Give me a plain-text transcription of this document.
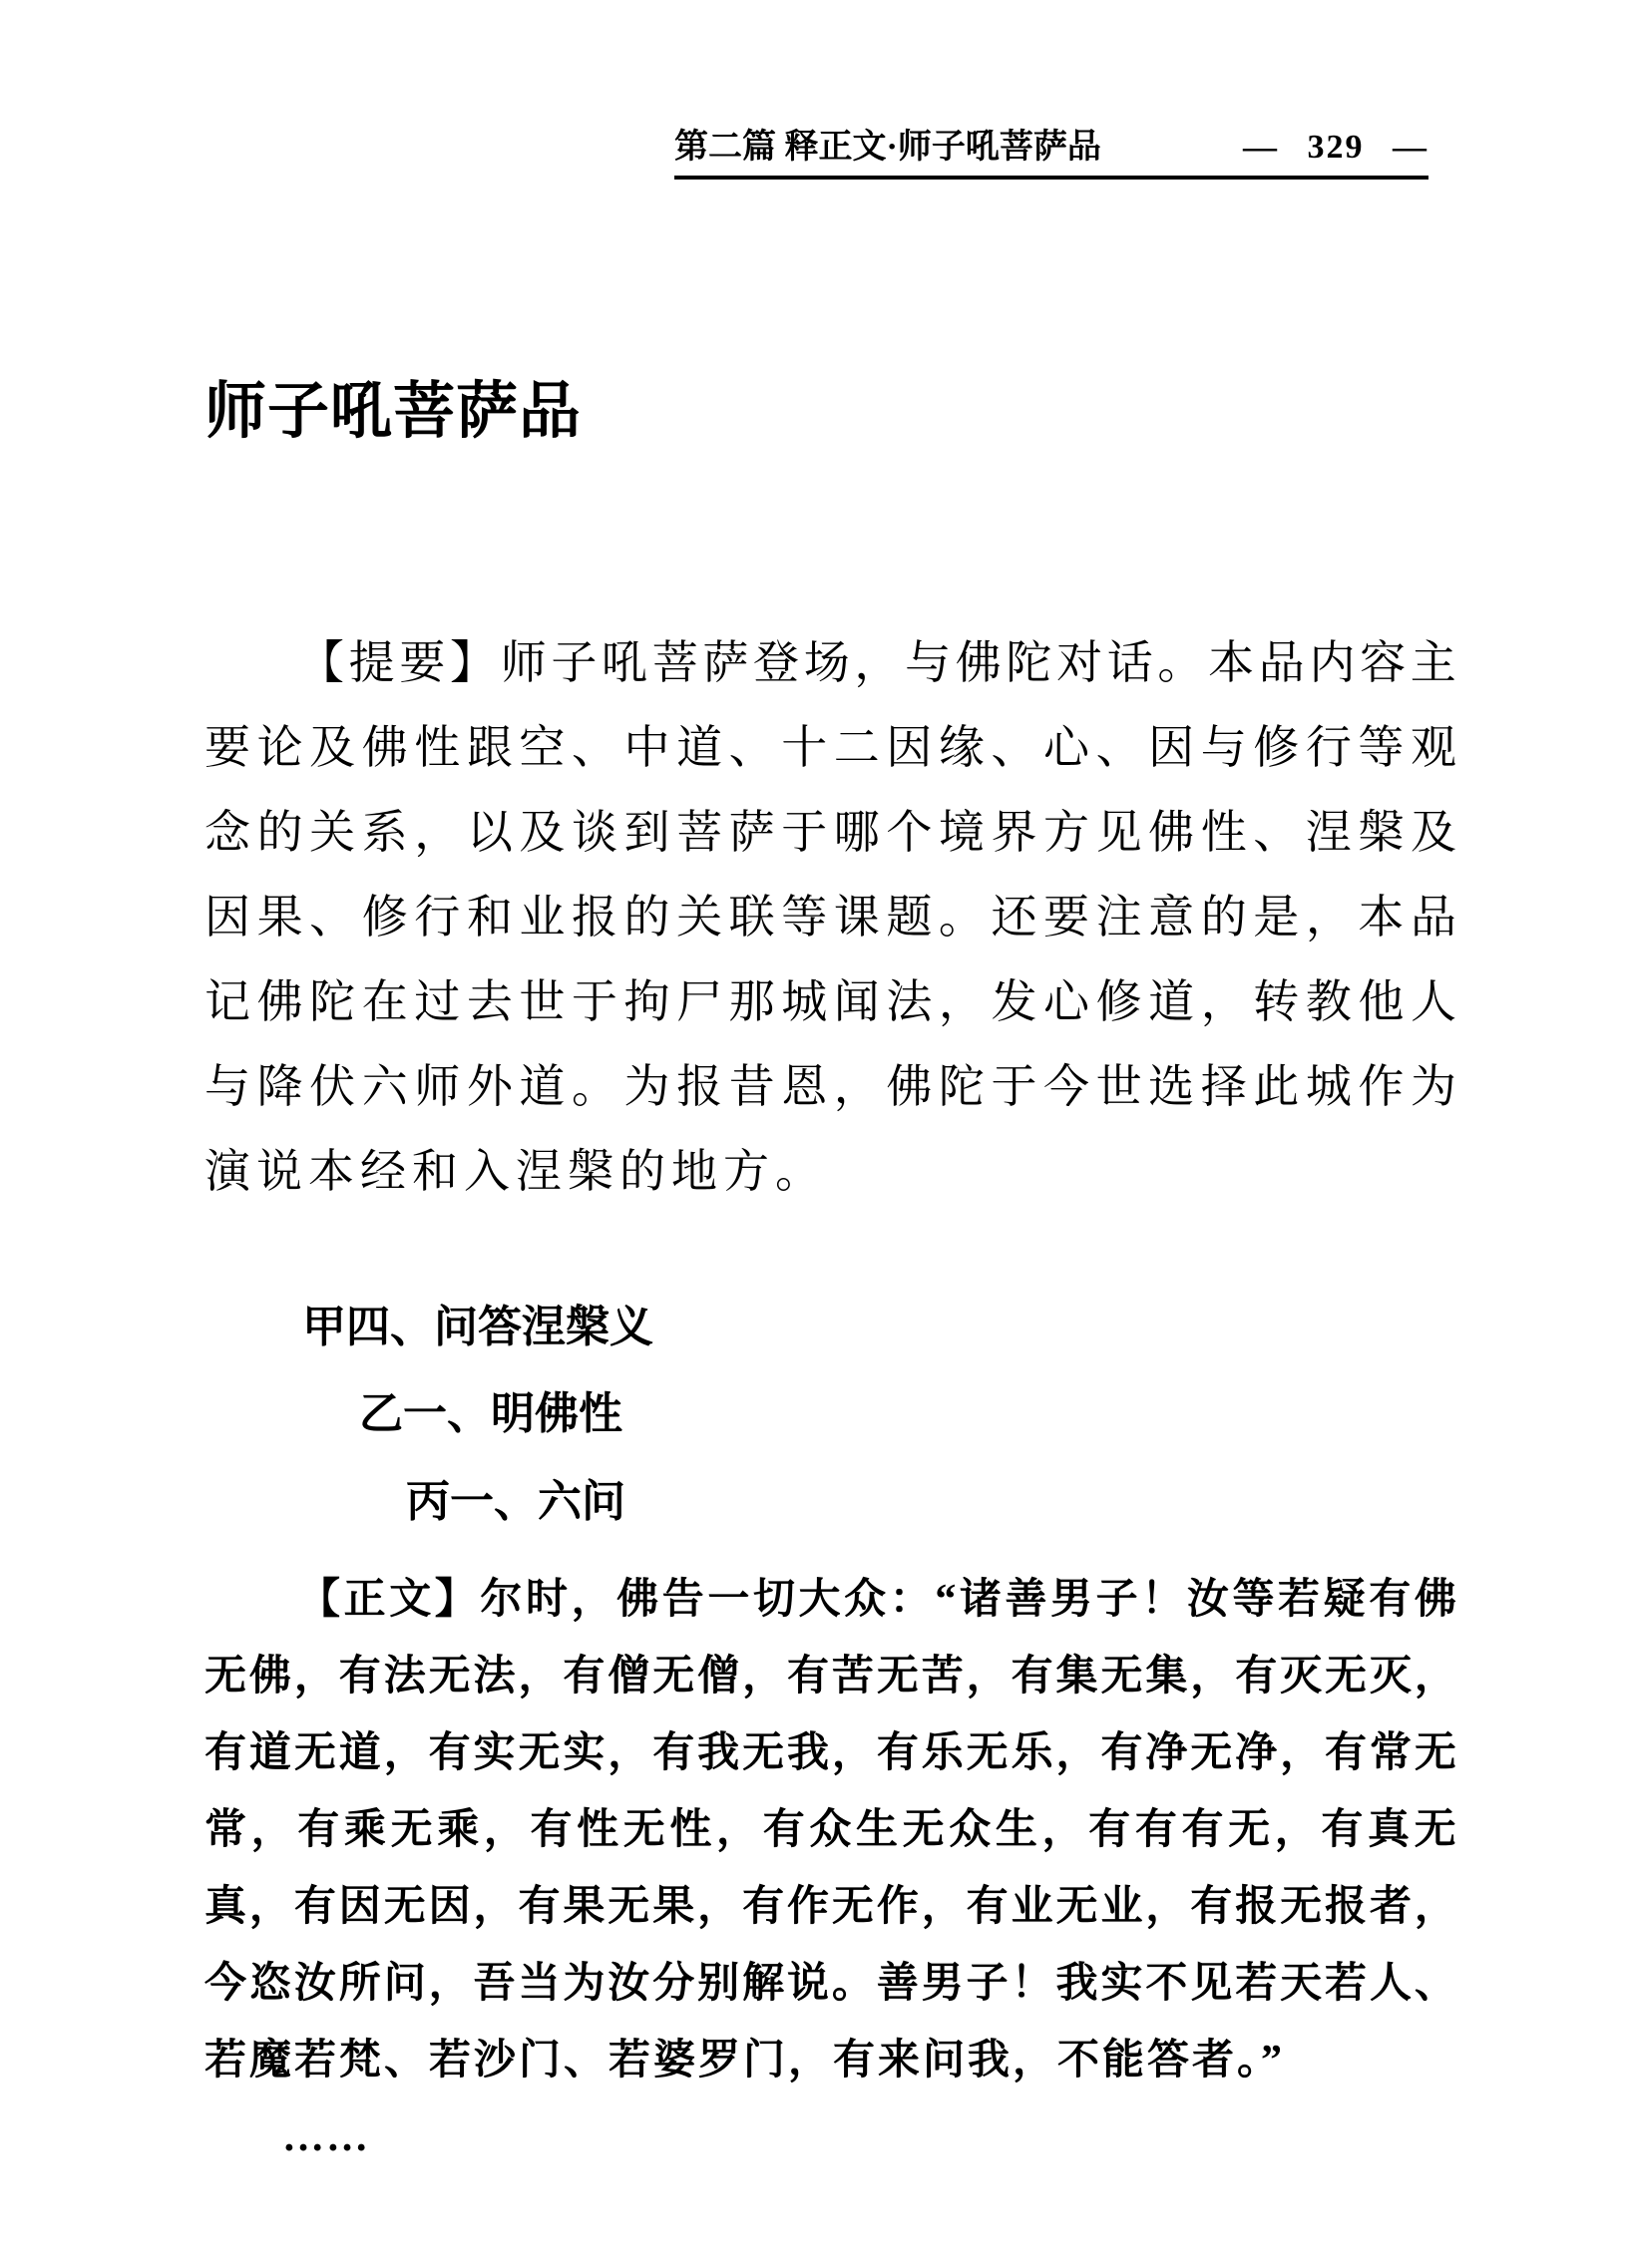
第二篇 释正文·师子吼菩萨品	— 329 —
师子吼菩萨品
【 提 要 】 师 子 吼 菩 萨 登 场 ， 与 佛 陀 对 话 。 本 品 内 容 主
要 论 及 佛 性 跟 空 、 中 道 、 十 二 因 缘 、 心 、 因 与 修 行 等 观
念 的 关 系 ， 以 及 谈 到 菩 萨 于 哪 个 境 界 方 见 佛 性 、 涅 槃 及
因 果 、 修 行 和 业 报 的 关 联 等 课 题 。 还 要 注 意 的 是 ， 本 品
记 佛 陀 在 过 去 世 于 拘 尸 那 城 闻 法 ， 发 心 修 道 ， 转 教 他 人
与 降 伏 六 师 外 道 。 为 报 昔 恩 ， 佛 陀 于 今 世 选 择 此 城 作 为
演说本经和入涅槃的地方。
甲四、问答涅槃义
乙一、明佛性
丙一、六问
【 正 文 】 尔 时 ， 佛 告 一 切 大 众 ： “ 诸 善 男 子 ！ 汝 等 若 疑 有 佛
无 佛 ， 有 法 无 法 ， 有 僧 无 僧 ， 有 苦 无 苦 ， 有 集 无 集 ， 有 灭 无 灭 ，
有 道 无 道 ， 有 实 无 实 ， 有 我 无 我 ， 有 乐 无 乐 ， 有 净 无 净 ， 有 常 无
常 ， 有 乘 无 乘 ， 有 性 无 性 ， 有 众 生 无 众 生 ， 有 有 有 无 ， 有 真 无
真 ， 有 因 无 因 ， 有 果 无 果 ， 有 作 无 作 ， 有 业 无 业 ， 有 报 无 报 者 ，
今 恣 汝 所 问 ， 吾 当 为 汝 分 别 解 说 。 善 男 子 ！ 我 实 不 见 若 天 若 人 、
若魔若梵、若沙门、若婆罗门，有来问我，不能答者。”
……
